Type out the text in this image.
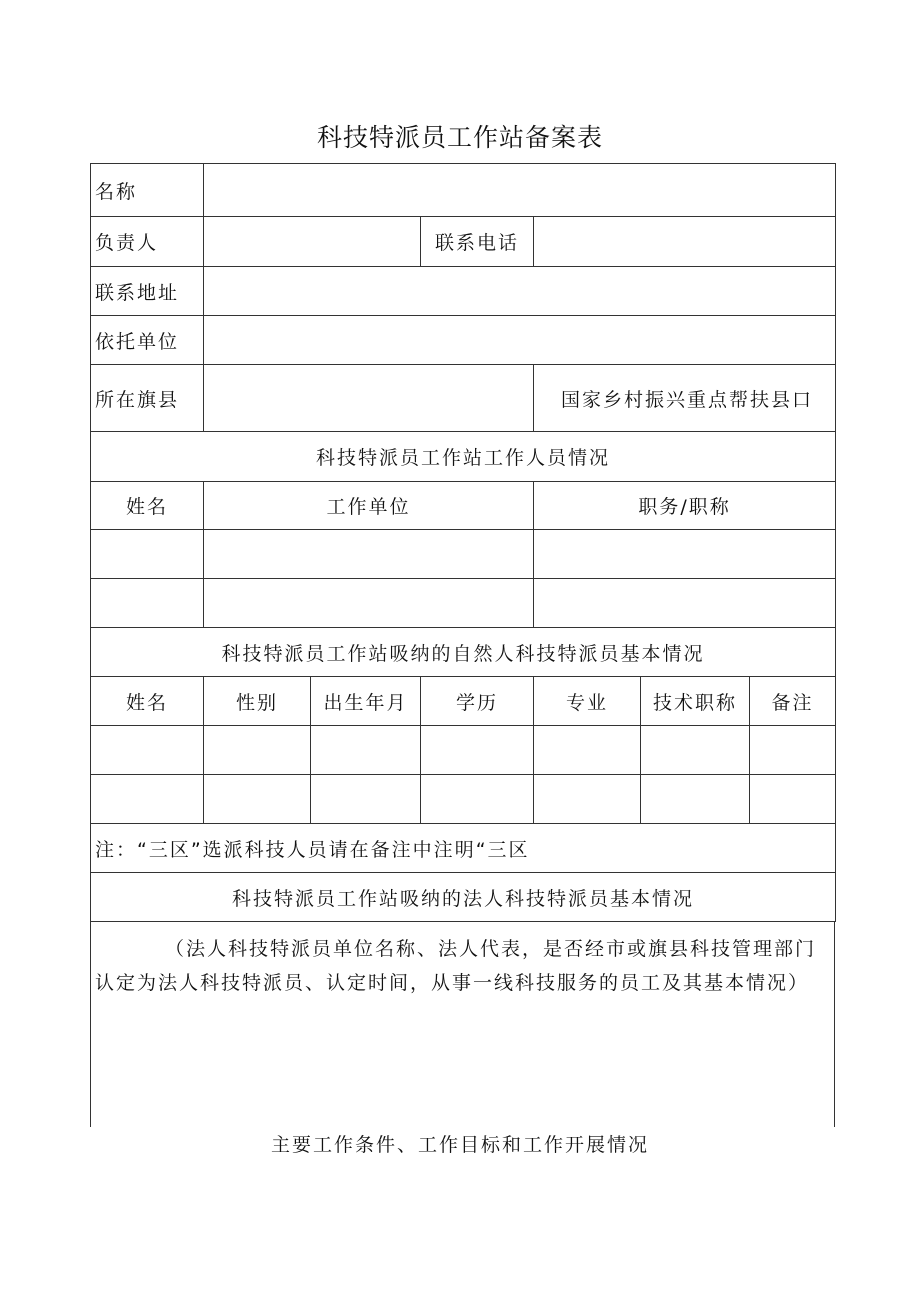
科技特派员工作站备案表
名称						
负责人			联系电话			
联系地址						
依托单位						
所在旗县				国家乡村振兴重点帮扶县口		
科技特派员工作站工作人员情况						
姓名	工作单位			职务/职称		

科技特派员工作站吸纳的自然人科技特派员基本情况						
姓名	性别	出生年月	学历	专业	技术职称	备注

注：“三区”选派科技人员请在备注中注明“三区						
科技特派员工作站吸纳的法人科技特派员基本情况						
（法人科技特派员单位名称、法人代表，是否经市或旗县科技管理部门
认定为法人科技特派员、认定时间，从事一线科技服务的员工及其基本情况）
主要工作条件、工作目标和工作开展情况
